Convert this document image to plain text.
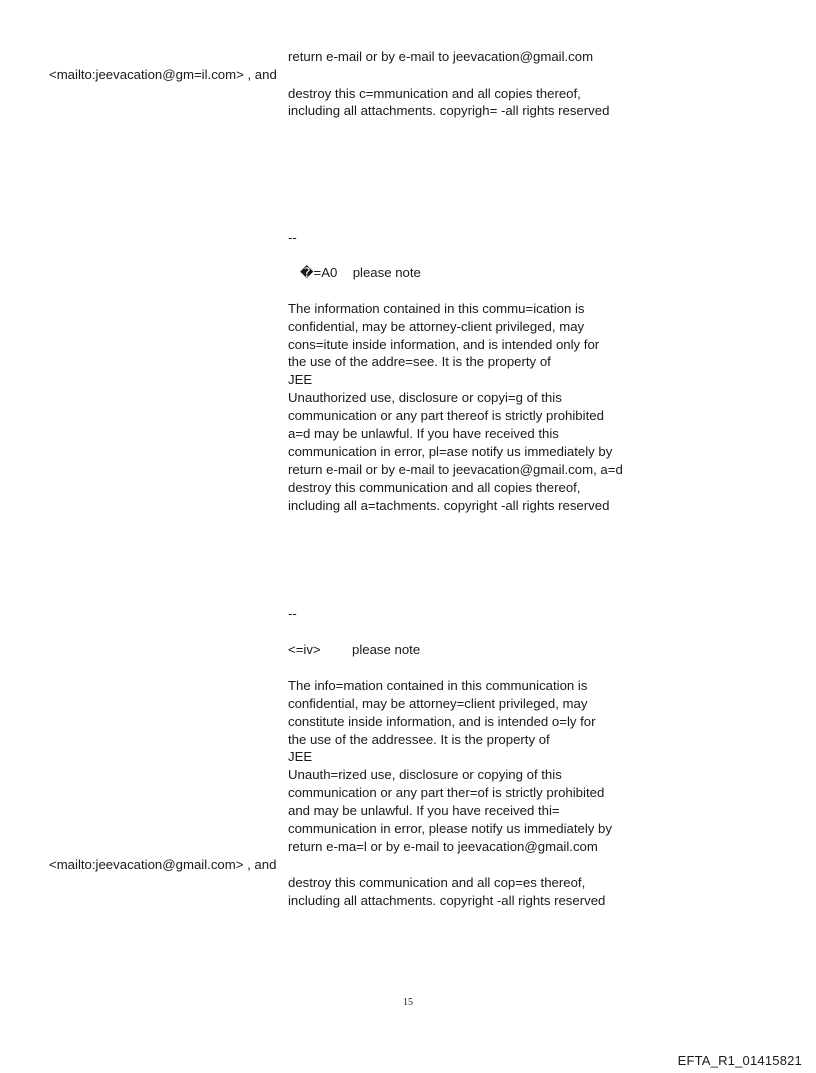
return e-mail or by e-mail to jeevacation@gmail.com
<mailto:jeevacation@gm=il.com> , and
destroy this c=mmunication and all copies thereof,
including all attachments. copyrigh= -all rights reserved
--
�=A0 please note
The information contained in this commu=ication is
confidential, may be attorney-client privileged, may
cons=itute inside information, and is intended only for
the use of the addre=see. It is the property of
JEE
Unauthorized use, disclosure or copyi=g of this
communication or any part thereof is strictly prohibited
a=d may be unlawful. If you have received this
communication in error, pl=ase notify us immediately by
return e-mail or by e-mail to jeevacation@gmail.com, a=d
destroy this communication and all copies thereof,
including all a=tachments. copyright -all rights reserved
--
<=iv> please note
The info=mation contained in this communication is
confidential, may be attorney=client privileged, may
constitute inside information, and is intended o=ly for
the use of the addressee. It is the property of
JEE
Unauth=rized use, disclosure or copying of this
communication or any part ther=of is strictly prohibited
and may be unlawful. If you have received thi=
communication in error, please notify us immediately by
return e-ma=l or by e-mail to jeevacation@gmail.com
<mailto:jeevacation@gmail.com> , and
destroy this communication and all cop=es thereof,
including all attachments. copyright -all rights reserved
15
EFTA_R1_01415821
